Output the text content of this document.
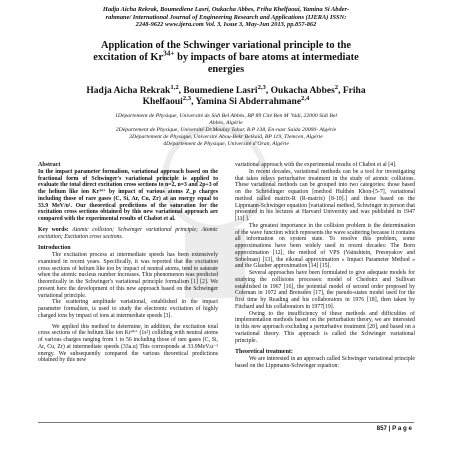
Hadja Aicha Rekrak, Boumediene Lasri, Oukacha Abbes, Friha Khelfaoui, Yamina Si Abder-
rahmane/ International Journal of Engineering Research and Applications (IJERA) ISSN:
2248-9622 www.ijera.com Vol. 3, Issue 3, May-Jun 2013, pp.857-862
Application of the Schwinger variational principle to the
excitation of $Kr^{34+}$ by impacts of bare atoms at intermediate
energies
Hadja Aicha Rekrak$^{1,2}$, Boumediene Lasri$^{2,3}$, Oukacha Abbes$^2$, Friha
Khelfaoui$^{2,3}$, Yamina Si Abderrahmane$^{2,4}$
1Département de Physique, Université de Sidi Bel Abbès, BP 89 Cité Ben M ’hidi, 22000 Sidi Bel
Abbès, Algérie
2Département de Physique, Université Dr.Moulay Tahar, B.P 138, En-nasr Saida 20000- Algérie
3Département de Physique, Université Abou-Bekr Belkaïd, BP 119, Tlemcen, Algérie
4Département de Physique, Université d’Oran, Algérie

Abstract

In the impact parameter formalism, variational approach based on the fractional form of Schwinger's variational principle is applied to evaluate the total direct excitation cross sections to n=2, n=3 and 2p+3 of the helium like ion Kr³⁴⁺ by impact of various atoms Z_p charges including those of rare gases (C, Si, Ar, Cu, Zr) at an energy equal to 33.9 MeV/u¹. Our theoretical predictions of the saturation for the excitation cross sections obtained by this new variational approach are compared with the experimental results of Chabot et al.

Key words: Atomic collision; Schwinger variational principle; Atomic excitation; Excitation cross sections.

Introduction

The excitation process at intermediate speeds has been extensively examined in recent years. Specifically, it was reported that the excitation cross sections of helium like ion by impact of neutral atoms, tend to saturate when the atomic nucleus number increases. This phenomenon was predicted theoretically in the Schwinger's variational principle formalism [1] [2]. We present here the development of this new approach based on the Schwinger variational principle.

The scattering amplitude variational, established in the impact parameter formalism, is used to study the electronic excitation of highly charged ions by impact of ions at intermediate speeds [3].

We applied this method to determine, in addition, the excitation total cross sections of the helium like ion Kr³⁴⁺ (1s²) colliding with neutral atoms of various charges ranging from 1 to 56 including those of rare gases (C, Si, Ar, Cu, Zr) at intermediate speeds (33a.u) This corresponds at 33.9MeV.u⁻¹ energy. We subsequently compared the various theoretical predictions obtained by this new

variational approach with the experimental results of Chabot et al [4].

In recent decades, variational methods can be a tool for investigating that takes relays perturbative treatment in the study of atomic collisions. These variational methods can be grouped into two categories: those based on the Schrödinger equation [method Hulthén Khon-[5-7], variational method called matrix-R (R-matrix) [8-10].] and those based on the Lippmann-Schwinger equation [variational method, Schwinger in person that presented in his lectures at Harvard University and was published in 1947 [11] ].

The greatest importance in the collision problem is the determination of the wave function which represents the wave scattering because it contains all information on system state. To resolve this problem, some approximations have been widely used in recent decades: The Born approximation [12], the method of VPS (Vainshtein, Presnyakov and Sobelman) [13], the eikonal approximation « Impact Parameter Method » and the Glauber approximation [14] [15].

Several approaches have been formulated to give adequate models for studying the collisions processes: model of Chedoirz and Sullivan established in 1967 [16], the potential model of second order proposed by Coleman in 1972 and Brensden [17], the pseudo-states model used for the first time by Reading and his collaborators in 1976 [18], then taken by Fitchard and his collaborators in 1977[19].

Owing to the insufficiency of these methods and difficulties of implementation methods based on the perturbation theory, we are interested in this new approach excluding a perturbative treatment [20], and based on a variational theory. This approach is called the Schwinger variational principle.

Theoretical treatment:

We are interested in an approach called Schwinger variational principle based on the Lippmann-Schwinger equation:

857 | P a g e
